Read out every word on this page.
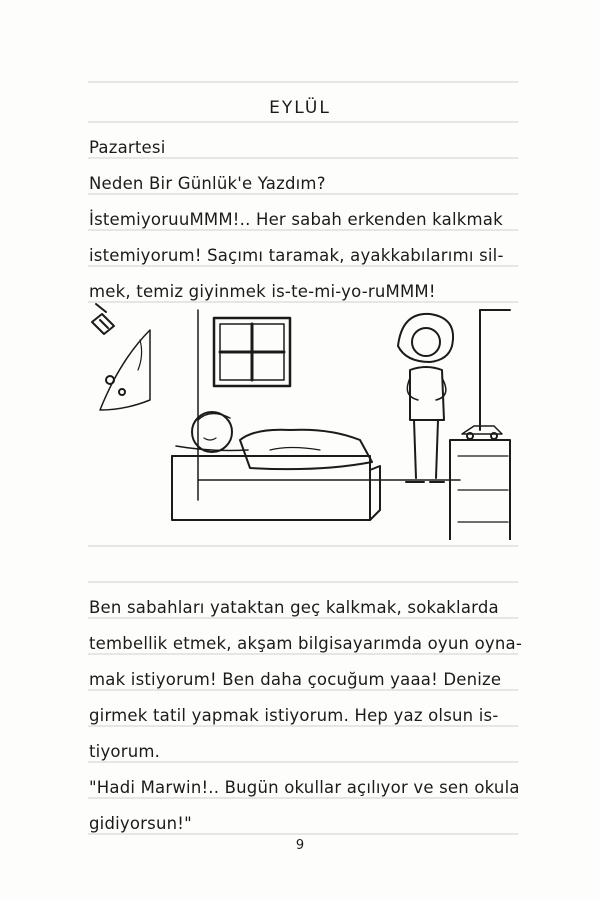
EYLÜL
Pazartesi
Neden Bir Günlük'e Yazdım?
İstemiyoruuMMM!.. Her sabah erkenden kalkmak
istemiyorum! Saçımı taramak, ayakkabılarımı sil-
mek, temiz giyinmek is-te-mi-yo-ruMMM!
Ben sabahları yataktan geç kalkmak, sokaklarda
tembellik etmek, akşam bilgisayarımda oyun oyna-
mak istiyorum! Ben daha çocuğum yaaa! Denize
girmek tatil yapmak istiyorum. Hep yaz olsun is-
tiyorum.
"Hadi Marwin!.. Bugün okullar açılıyor ve sen okula
gidiyorsun!"
9
